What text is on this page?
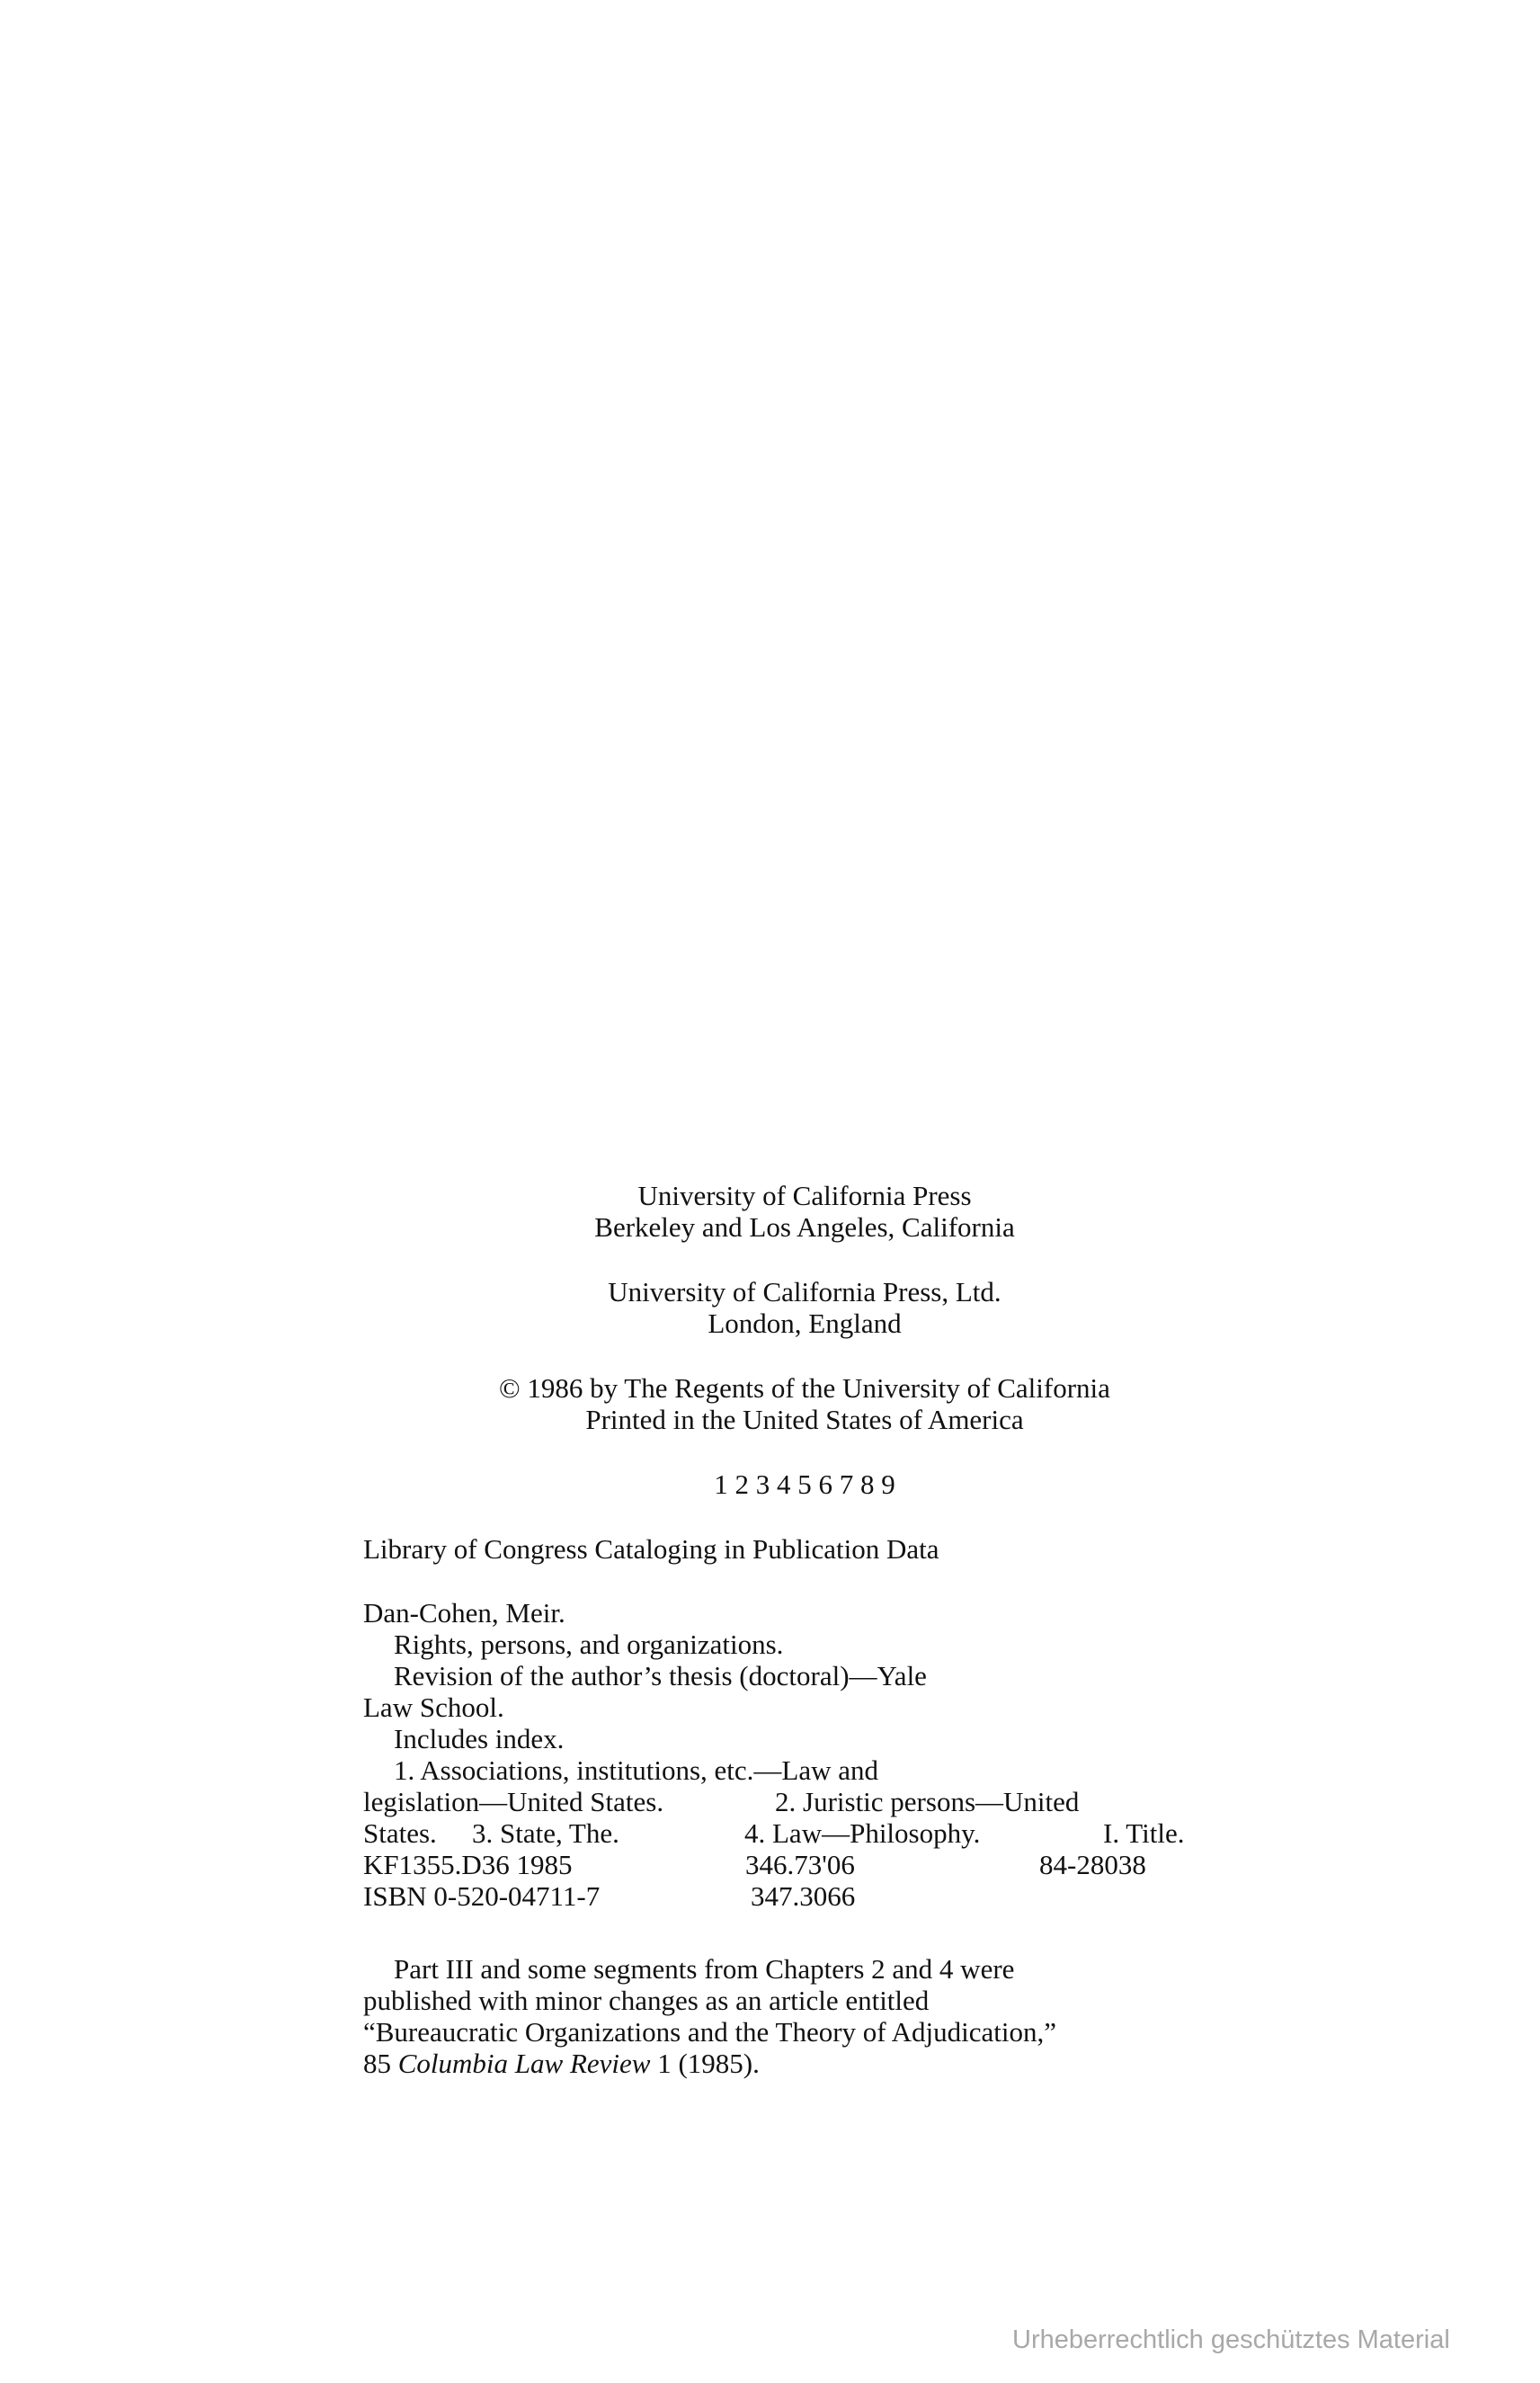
University of California Press
Berkeley and Los Angeles, California
University of California Press, Ltd.
London, England
© 1986 by The Regents of the University of California
Printed in the United States of America
1 2 3 4 5 6 7 8 9
Library of Congress Cataloging in Publication Data
Dan-Cohen, Meir.
Rights, persons, and organizations.
Revision of the author’s thesis (doctoral)—Yale
Law School.
Includes index.
1. Associations, institutions, etc.—Law and
legislation—United States.	2. Juristic persons—United
States. 3. State, The.	4. Law—Philosophy.	I. Title.
KF1355.D36 1985	346.73'06	84-28038
ISBN 0-520-04711-7	347.3066
Part III and some segments from Chapters 2 and 4 were
published with minor changes as an article entitled
“Bureaucratic Organizations and the Theory of Adjudication,”
85 Columbia Law Review 1 (1985).
Urheberrechtlich geschütztes Material
